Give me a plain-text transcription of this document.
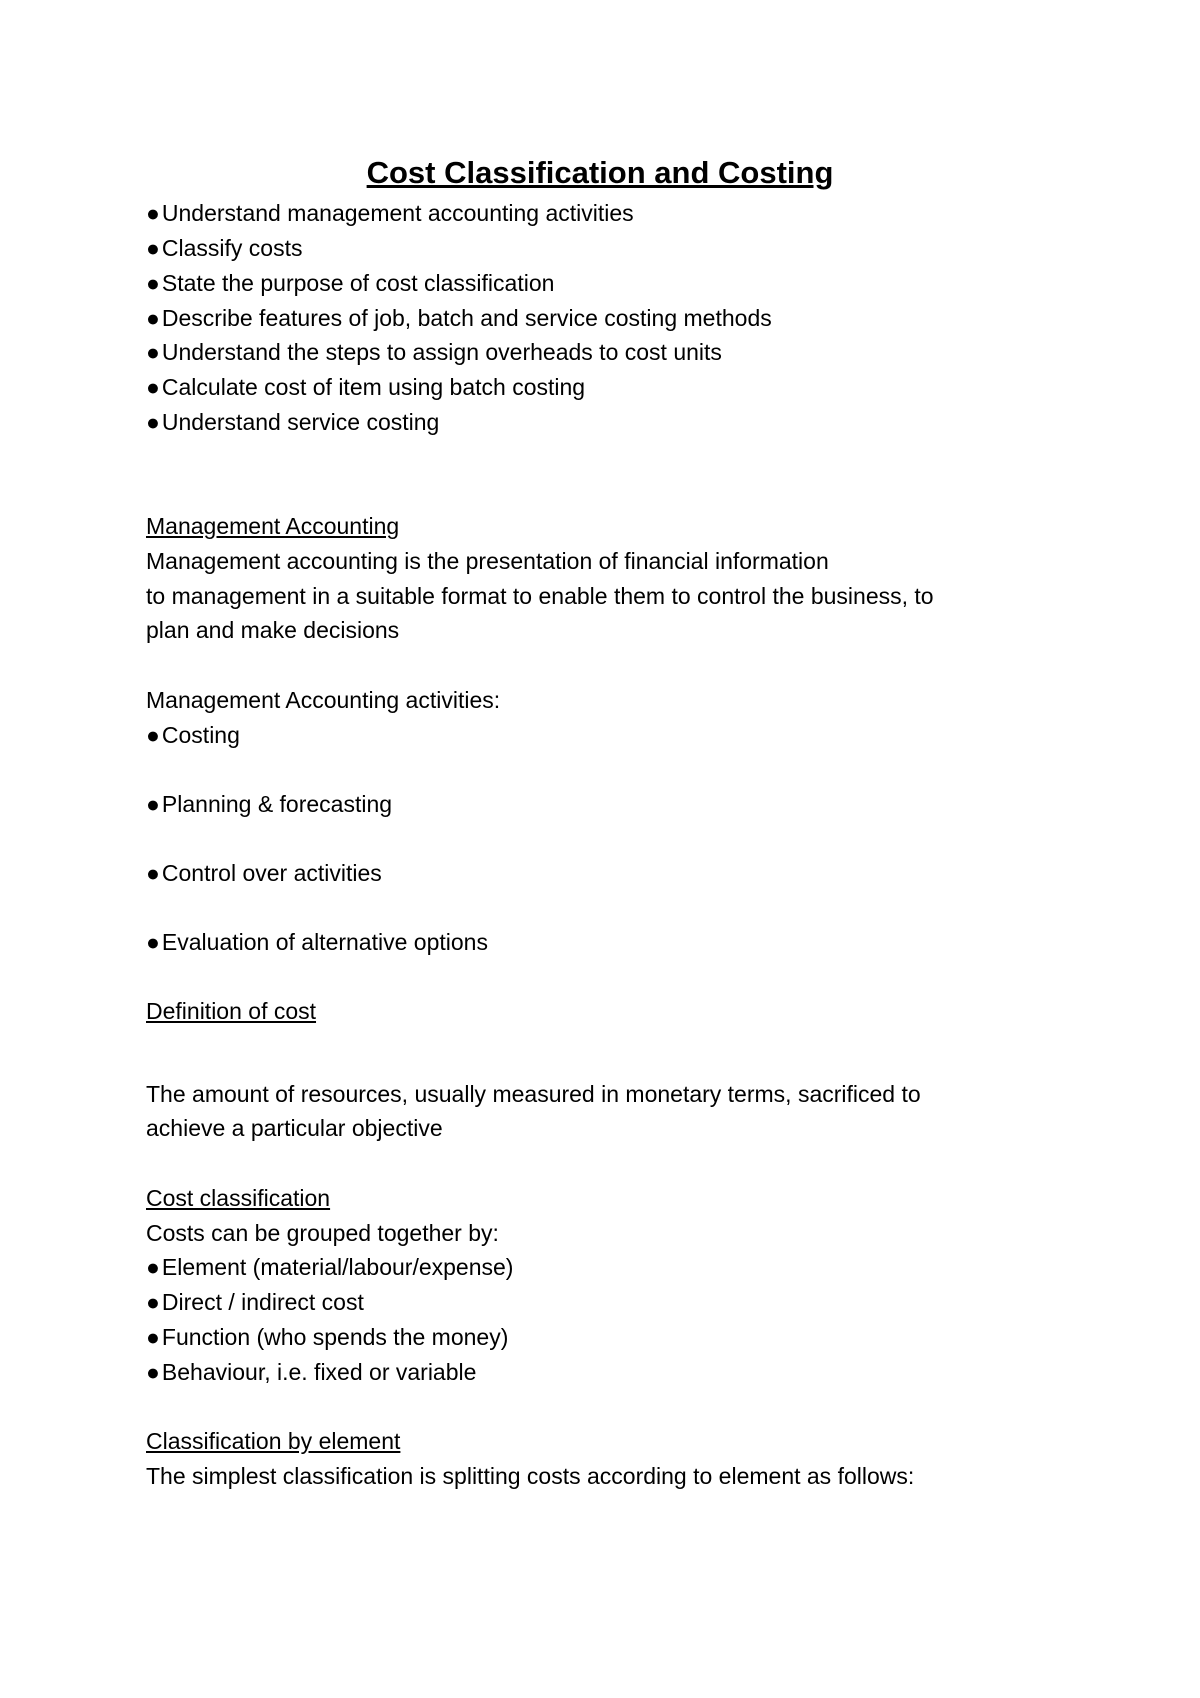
Cost Classification and Costing

●Understand management accounting activities

●Classify costs

●State the purpose of cost classification

●Describe features of job, batch and service costing methods

●Understand the steps to assign overheads to cost units

●Calculate cost of item using batch costing

●Understand service costing

Management Accounting

Management accounting is the presentation of financial information

to management in a suitable format to enable them to control the business, to

plan and make decisions

Management Accounting activities:

●Costing

●Planning & forecasting

●Control over activities

●Evaluation of alternative options

Definition of cost

The amount of resources, usually measured in monetary terms, sacrificed to

achieve a particular objective

Cost classification

Costs can be grouped together by:

●Element (material/labour/expense)

●Direct / indirect cost

●Function (who spends the money)

●Behaviour, i.e. fixed or variable

Classification by element

The simplest classification is splitting costs according to element as follows:
